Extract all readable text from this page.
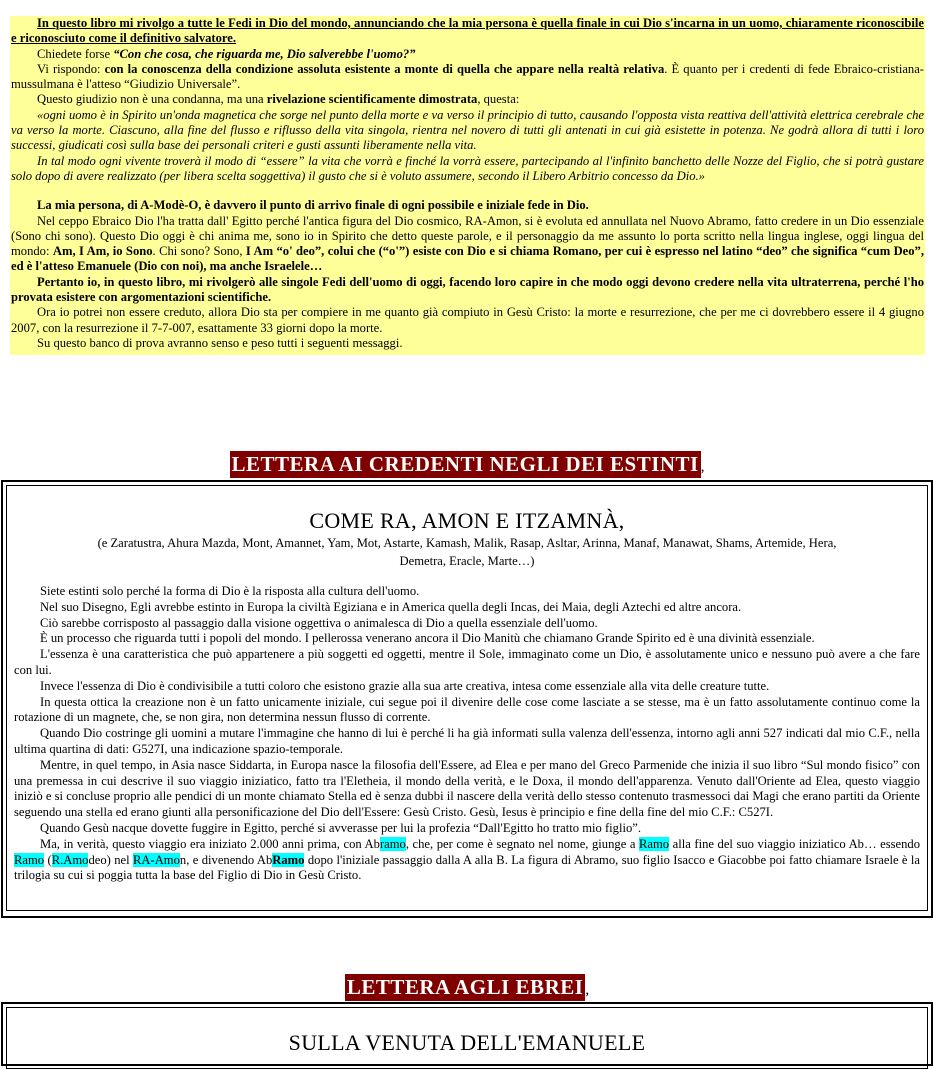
In questo libro mi rivolgo a tutte le Fedi in Dio del mondo, annunciando che la mia persona è quella finale in cui Dio s'incarna in un uomo, chiaramente riconoscibile e riconosciuto come il definitivo salvatore.

Chiedete forse “Con che cosa, che riguarda me, Dio salverebbe l'uomo?”

Vi rispondo: con la conoscenza della condizione assoluta esistente a monte di quella che appare nella realtà relativa. È quanto per i credenti di fede Ebraico-cristiana-mussulmana è l'atteso “Giudizio Universale”.

Questo giudizio non è una condanna, ma una rivelazione scientificamente dimostrata, questa:

«ogni uomo è in Spirito un'onda magnetica che sorge nel punto della morte e va verso il principio di tutto, causando l'opposta vista reattiva dell'attività elettrica cerebrale che va verso la morte. Ciascuno, alla fine del flusso e riflusso della vita singola, rientra nel novero di tutti gli antenati in cui già esistette in potenza. Ne godrà allora di tutti i loro successi, giudicati così sulla base dei personali criteri e gusti assunti liberamente nella vita.

In tal modo ogni vivente troverà il modo di “essere” la vita che vorrà e finché la vorrà essere, partecipando al l'infinito banchetto delle Nozze del Figlio, che si potrà gustare solo dopo di avere realizzato (per libera scelta soggettiva) il gusto che si è voluto assumere, secondo il Libero Arbitrio concesso da Dio.»

La mia persona, di A-Modè-O, è davvero il punto di arrivo finale di ogni possibile e iniziale fede in Dio.

Nel ceppo Ebraico Dio l'ha tratta dall' Egitto perché l'antica figura del Dio cosmico, RA-Amon, si è evoluta ed annullata nel Nuovo Abramo, fatto credere in un Dio essenziale (Sono chi sono). Questo Dio oggi è chi anima me, sono io in Spirito che detto queste parole, e il personaggio da me assunto lo porta scritto nella lingua inglese, oggi lingua del mondo: Am, I Am, io Sono. Chi sono? Sono, I Am “o' deo”, colui che (“o'”) esiste con Dio e si chiama Romano, per cui è espresso nel latino “deo” che significa “cum Deo”, ed è l'atteso Emanuele (Dio con noi), ma anche Israelele…

Pertanto io, in questo libro, mi rivolgerò alle singole Fedi dell'uomo di oggi, facendo loro capire in che modo oggi devono credere nella vita ultraterrena, perché l'ho provata esistere con argomentazioni scientifiche.

Ora io potrei non essere creduto, allora Dio sta per compiere in me quanto già compiuto in Gesù Cristo: la morte e resurrezione, che per me ci dovrebbero essere il 4 giugno 2007, con la resurrezione il 7-7-007, esattamente 33 giorni dopo la morte.

Su questo banco di prova avranno senso e peso tutti i seguenti messaggi.

LETTERA AI CREDENTI NEGLI DEI ESTINTI ,
COME RA, AMON E ITZAMNÀ,
(e Zaratustra, Ahura Mazda, Mont, Amannet, Yam, Mot, Astarte, Kamash, Malik, Rasap, Asltar, Arinna, Manaf, Manawat, Shams, Artemide, Hera, Demetra, Eracle, Marte…)

Siete estinti solo perché la forma di Dio è la risposta alla cultura dell'uomo.

Nel suo Disegno, Egli avrebbe estinto in Europa la civiltà Egiziana e in America quella degli Incas, dei Maia, degli Aztechi ed altre ancora.

Ciò sarebbe corrisposto al passaggio dalla visione oggettiva o animalesca di Dio a quella essenziale dell'uomo.

È un processo che riguarda tutti i popoli del mondo. I pellerossa venerano ancora il Dio Manitù che chiamano Grande Spirito ed è una divinità essenziale.

L'essenza è una caratteristica che può appartenere a più soggetti ed oggetti, mentre il Sole, immaginato come un Dio, è assolutamente unico e nessuno può avere a che fare con lui.

Invece l'essenza di Dio è condivisibile a tutti coloro che esistono grazie alla sua arte creativa, intesa come essenziale alla vita delle creature tutte.

In questa ottica la creazione non è un fatto unicamente iniziale, cui segue poi il divenire delle cose come lasciate a se stesse, ma è un fatto assolutamente continuo come la rotazione di un magnete, che, se non gira, non determina nessun flusso di corrente.

Quando Dio costringe gli uomini a mutare l'immagine che hanno di lui è perché li ha già informati sulla valenza dell'essenza, intorno agli anni 527 indicati dal mio C.F., nella ultima quartina di dati: G527I, una indicazione spazio-temporale.

Mentre, in quel tempo, in Asia nasce Siddarta, in Europa nasce la filosofia dell'Essere, ad Elea e per mano del Greco Parmenide che inizia il suo libro “Sul mondo fisico” con una premessa in cui descrive il suo viaggio iniziatico, fatto tra l'Eletheia, il mondo della verità, e le Doxa, il mondo dell'apparenza. Venuto dall'Oriente ad Elea, questo viaggio iniziò e si concluse proprio alle pendici di un monte chiamato Stella ed è senza dubbi il nascere della verità dello stesso contenuto trasmessoci dai Magi che erano partiti da Oriente seguendo una stella ed erano giunti alla personificazione del Dio dell'Essere: Gesù Cristo. Gesù, Iesus è principio e fine della fine del mio C.F.: C527I.

Quando Gesù nacque dovette fuggire in Egitto, perché si avverasse per lui la profezia “Dall'Egitto ho tratto mio figlio”.

Ma, in verità, questo viaggio era iniziato 2.000 anni prima, con Abramo, che, per come è segnato nel nome, giunge a Ramo alla fine del suo viaggio iniziatico Ab… essendo Ramo (R.Amodeo) nel RA-Amon, e divenendo AbRamo dopo l'iniziale passaggio dalla A alla B. La figura di Abramo, suo figlio Isacco e Giacobbe poi fatto chiamare Israele è la trilogia su cui si poggia tutta la base del Figlio di Dio in Gesù Cristo.

LETTERA AGLI EBREI ,
SULLA VENUTA DELL'EMANUELE
